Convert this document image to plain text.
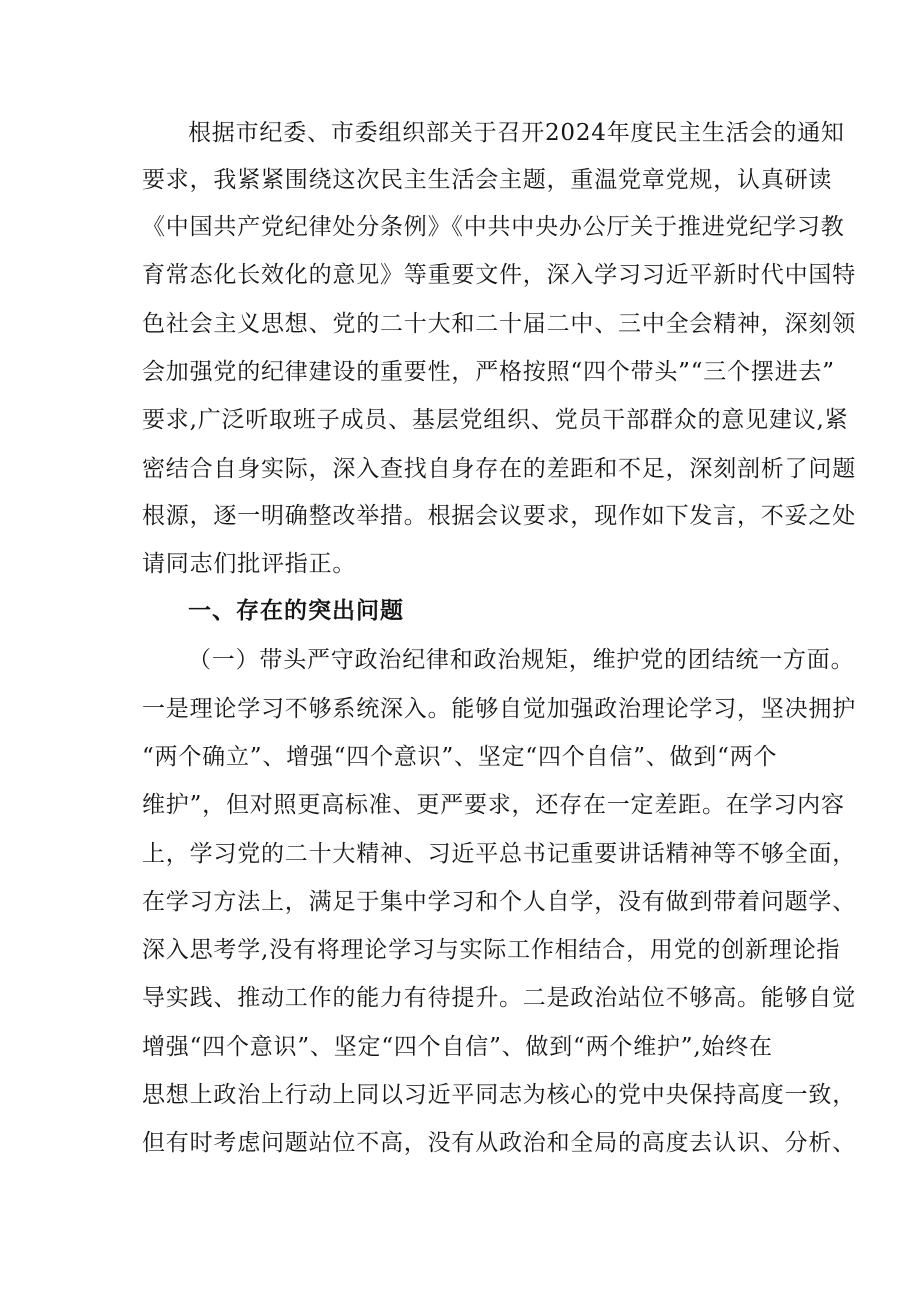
根据市纪委、市委组织部关于召开2024年度民主生活会的通知
要求，我紧紧围绕这次民主生活会主题，重温党章党规，认真研读
《中国共产党纪律处分条例》《中共中央办公厅关于推进党纪学习教
育常态化长效化的意见》等重要文件，深入学习习近平新时代中国特
色社会主义思想、党的二十大和二十届二中、三中全会精神，深刻领
会加强党的纪律建设的重要性，严格按照“四个带头”“三个摆进去”
要求,广泛听取班子成员、基层党组织、党员干部群众的意见建议,紧
密结合自身实际，深入查找自身存在的差距和不足，深刻剖析了问题
根源，逐一明确整改举措。根据会议要求，现作如下发言，不妥之处
请同志们批评指正。
一、存在的突出问题
（一）带头严守政治纪律和政治规矩，维护党的团结统一方面。
一是理论学习不够系统深入。能够自觉加强政治理论学习，坚决拥护
“两个确立”、增强“四个意识”、坚定“四个自信”、做到“两个
维护”，但对照更高标准、更严要求，还存在一定差距。在学习内容
上，学习党的二十大精神、习近平总书记重要讲话精神等不够全面，
在学习方法上，满足于集中学习和个人自学，没有做到带着问题学、
深入思考学,没有将理论学习与实际工作相结合，用党的创新理论指
导实践、推动工作的能力有待提升。二是政治站位不够高。能够自觉
增强“四个意识”、坚定“四个自信”、做到“两个维护”,始终在
思想上政治上行动上同以习近平同志为核心的党中央保持高度一致，
但有时考虑问题站位不高，没有从政治和全局的高度去认识、分析、
